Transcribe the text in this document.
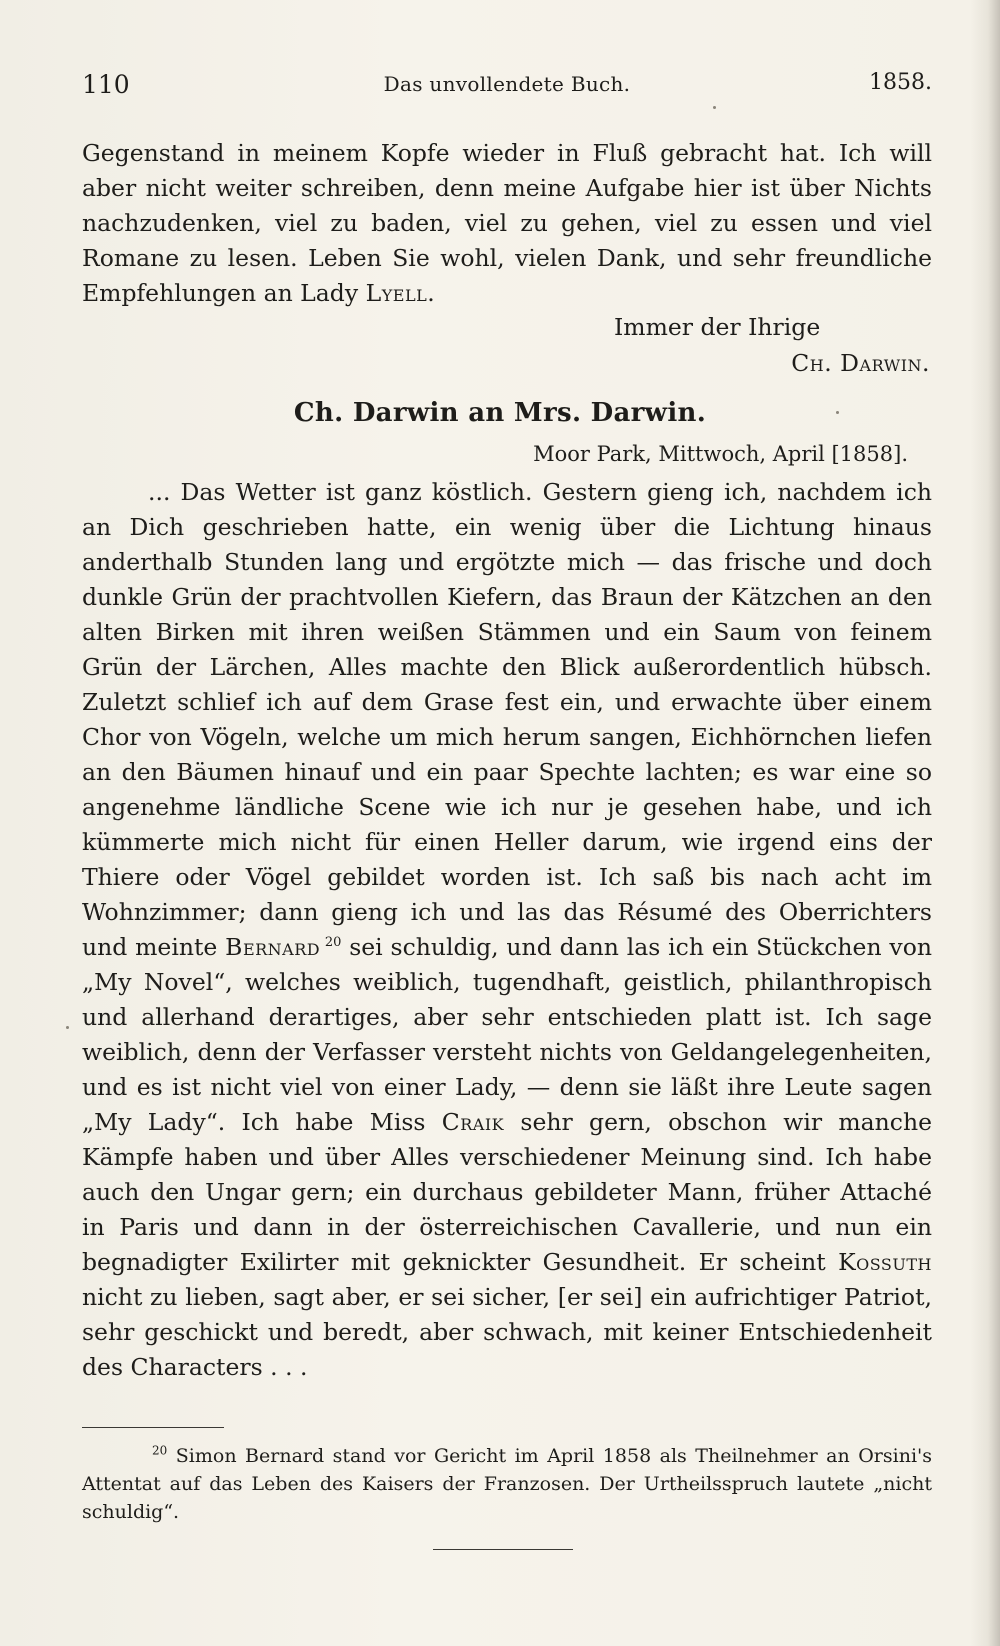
110	Das unvollendete Buch.	1858.

Gegenstand in meinem Kopfe wieder in Fluß gebracht hat. Ich will aber nicht weiter schreiben, denn meine Aufgabe hier ist über Nichts nachzudenken, viel zu baden, viel zu gehen, viel zu essen und viel Romane zu lesen. Leben Sie wohl, vielen Dank, und sehr freundliche Empfehlungen an Lady Lyell.

Immer der Ihrige
Ch. Darwin.
Ch. Darwin an Mrs. Darwin.
Moor Park, Mittwoch, April [1858].

... Das Wetter ist ganz köstlich. Gestern gieng ich, nachdem ich an Dich geschrieben hatte, ein wenig über die Lichtung hinaus anderthalb Stunden lang und ergötzte mich — das frische und doch dunkle Grün der prachtvollen Kiefern, das Braun der Kätzchen an den alten Birken mit ihren weißen Stämmen und ein Saum von feinem Grün der Lärchen, Alles machte den Blick außerordentlich hübsch. Zuletzt schlief ich auf dem Grase fest ein, und erwachte über einem Chor von Vögeln, welche um mich herum sangen, Eichhörnchen liefen an den Bäumen hinauf und ein paar Spechte lachten; es war eine so angenehme ländliche Scene wie ich nur je gesehen habe, und ich kümmerte mich nicht für einen Heller darum, wie irgend eins der Thiere oder Vögel gebildet worden ist. Ich saß bis nach acht im Wohnzimmer; dann gieng ich und las das Résumé des Oberrichters und meinte Bernard  $^{20}$ sei schuldig, und dann las ich ein Stückchen von „My Novel“, welches weiblich, tugendhaft, geistlich, philanthropisch und allerhand derartiges, aber sehr entschieden platt ist. Ich sage weiblich, denn der Verfasser versteht nichts von Geldangelegenheiten, und es ist nicht viel von einer Lady, — denn sie läßt ihre Leute sagen „My Lady“. Ich habe Miss Craik sehr gern, obschon wir manche Kämpfe haben und über Alles verschiedener Meinung sind. Ich habe auch den Ungar gern; ein durchaus gebildeter Mann, früher Attaché in Paris und dann in der österreichischen Cavallerie, und nun ein begnadigter Exilirter mit geknickter Gesundheit. Er scheint Kossuth nicht zu lieben, sagt aber, er sei sicher, [er sei] ein aufrichtiger Patriot, sehr geschickt und beredt, aber schwach, mit keiner Entschiedenheit des Characters . . .

$^{20}$ Simon Bernard stand vor Gericht im April 1858 als Theilnehmer an Orsini's Attentat auf das Leben des Kaisers der Franzosen. Der Urtheilsspruch lautete „nicht schuldig“.
